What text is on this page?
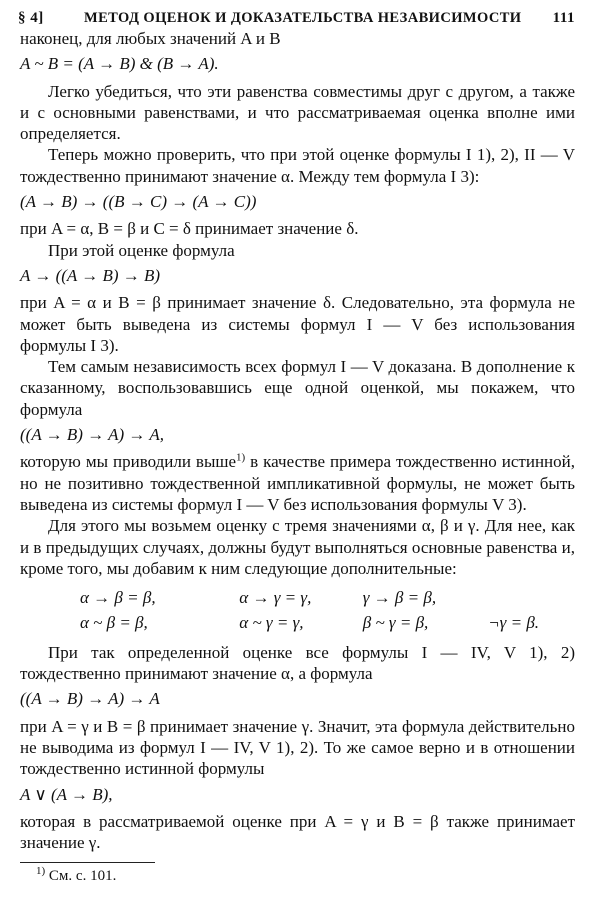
§ 4]	МЕТОД ОЦЕНОК И ДОКАЗАТЕЛЬСТВА НЕЗАВИСИМОСТИ 111

наконец, для любых значений A и B

A ~ B = (A → B) & (B → A).

Легко убедиться, что эти равенства совместимы друг с другом, а также и с основными равенствами, и что рассматриваемая оценка вполне ими определяется.

Теперь можно проверить, что при этой оценке формулы I 1), 2), II — V тождественно принимают значение α. Между тем формула I 3):

(A → B) → ((B → C) → (A → C))

при A = α, B = β и C = δ принимает значение δ.

При этой оценке формула

A → ((A → B) → B)

при A = α и B = β принимает значение δ. Следовательно, эта формула не может быть выведена из системы формул I — V без использования формулы I 3).

Тем самым независимость всех формул I — V доказана. В дополнение к сказанному, воспользовавшись еще одной оценкой, мы покажем, что формула

((A → B) → A) → A,

которую мы приводили выше$^{1)}$ в качестве примера тождественно истинной, но не позитивно тождественной импликативной формулы, не может быть выведена из системы формул I — V без использования формулы V 3).

Для этого мы возьмем оценку с тремя значениями α, β и γ. Для нее, как и в предыдущих случаях, должны будут выполняться основные равенства и, кроме того, мы добавим к ним следующие дополнительные:

α → β = β,	α → γ = γ,	γ → β = β,	
α ~ β = β,	α ~ γ = γ,	β ~ γ = β,	¬γ = β.

При так определенной оценке все формулы I — IV, V 1), 2) тождественно принимают значение α, а формула

((A → B) → A) → A

при A = γ и B = β принимает значение γ. Значит, эта формула действительно не выводима из формул I — IV, V 1), 2). То же самое верно и в отношении тождественно истинной формулы

A ∨ (A → B),

которая в рассматриваемой оценке при A = γ и B = β также принимает значение γ.

$^{1)}$ См. с. 101.
